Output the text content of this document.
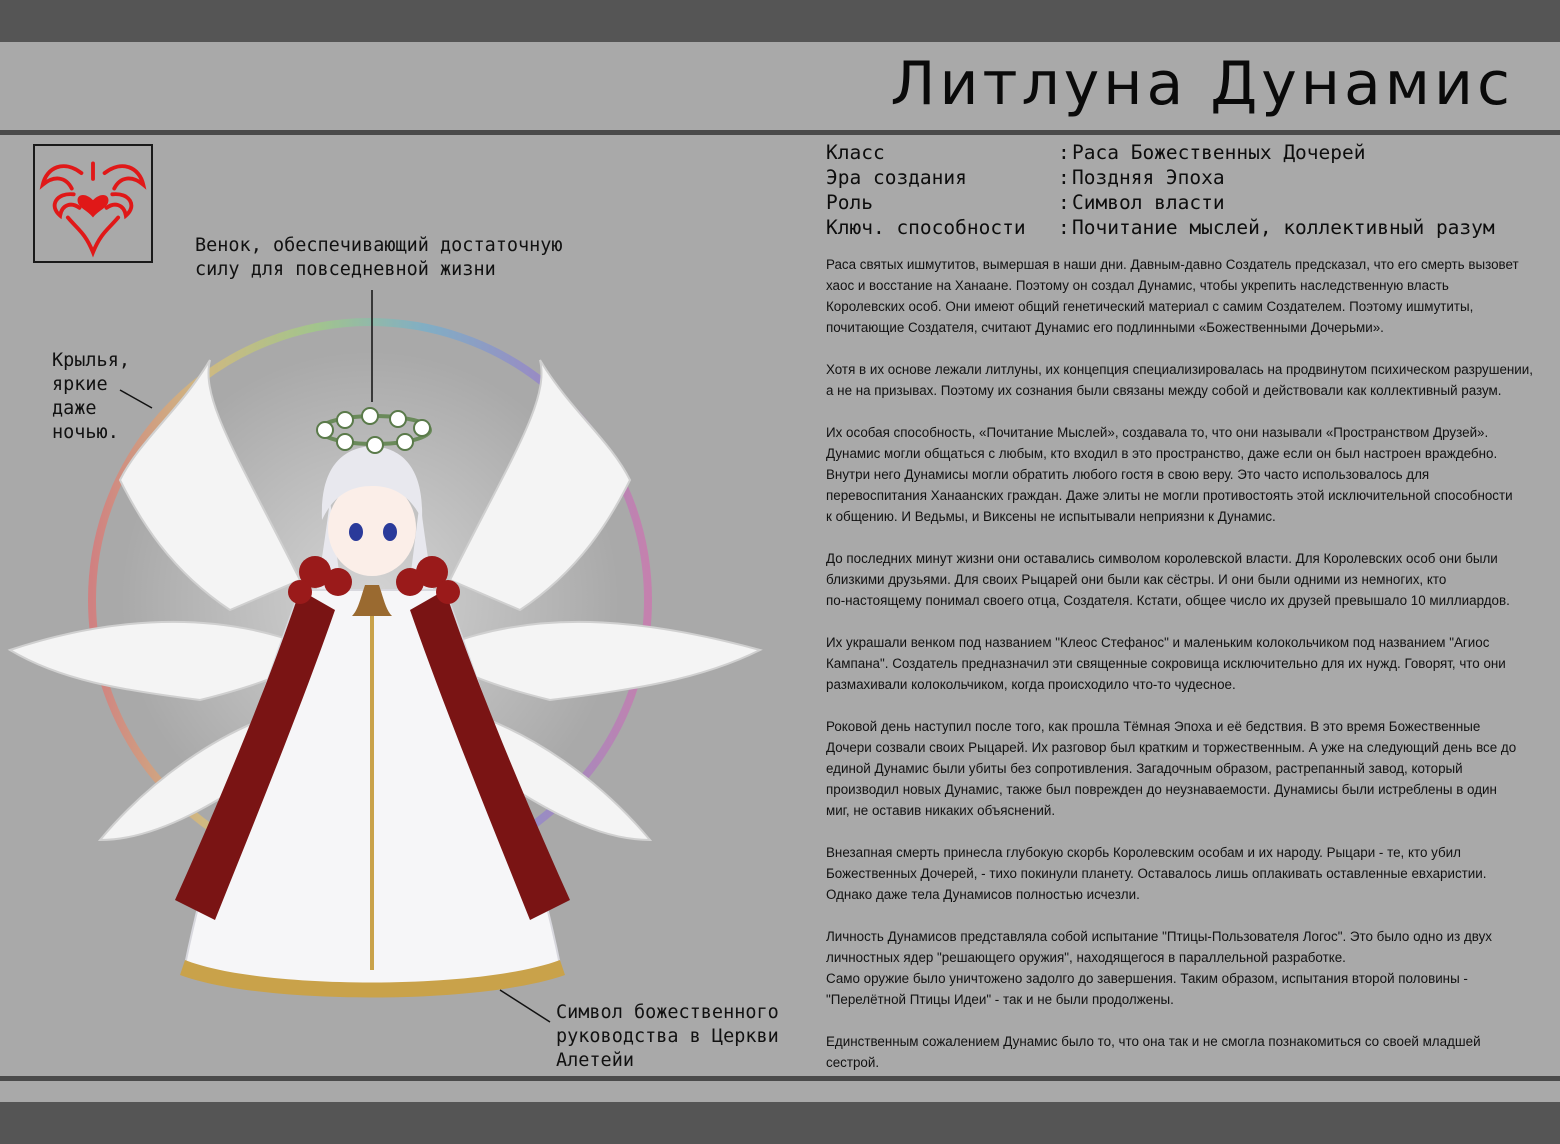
Литлуна Дунамис
Венок, обеспечивающий достаточную
силу для повседневной жизни
Крылья,
яркие
даже
ночью.
Символ божественного
руководства в Церкви
Алетейи
Класс	: Раса Божественных Дочерей
Эра создания	: Поздняя Эпоха
Роль	: Символ власти
Ключ. способности	: Почитание мыслей, коллективный разум

Раса святых ишмутитов, вымершая в наши дни. Давным-давно Создатель предсказал, что его смерть вызовет
хаос и восстание на Ханаане. Поэтому он создал Дунамис, чтобы укрепить наследственную власть
Королевских особ. Они имеют общий генетический материал с самим Создателем. Поэтому ишмутиты,
почитающие Создателя, считают Дунамис его подлинными «Божественными Дочерьми».

Хотя в их основе лежали литлуны, их концепция специализировалась на продвинутом психическом разрушении,
а не на призывах. Поэтому их сознания были связаны между собой и действовали как коллективный разум.

Их особая способность, «Почитание Мыслей», создавала то, что они называли «Пространством Друзей».
Дунамис могли общаться с любым, кто входил в это пространство, даже если он был настроен враждебно.
Внутри него Дунамисы могли обратить любого гостя в свою веру. Это часто использовалось для
перевоспитания Ханаанских граждан. Даже элиты не могли противостоять этой исключительной способности
к общению. И Ведьмы, и Виксены не испытывали неприязни к Дунамис.

До последних минут жизни они оставались символом королевской власти. Для Королевских особ они были
близкими друзьями. Для своих Рыцарей они были как сёстры. И они были одними из немногих, кто
по-настоящему понимал своего отца, Создателя. Кстати, общее число их друзей превышало 10 миллиардов.

Их украшали венком под названием "Клеос Стефанос" и маленьким колокольчиком под названием "Агиос
Кампана". Создатель предназначил эти священные сокровища исключительно для их нужд. Говорят, что они
размахивали колокольчиком, когда происходило что-то чудесное.

Роковой день наступил после того, как прошла Тёмная Эпоха и её бедствия. В это время Божественные
Дочери созвали своих Рыцарей. Их разговор был кратким и торжественным. А уже на следующий день все до
единой Дунамис были убиты без сопротивления. Загадочным образом, растрепанный завод, который
производил новых Дунамис, также был поврежден до неузнаваемости. Дунамисы были истреблены в один
миг, не оставив никаких объяснений.

Внезапная смерть принесла глубокую скорбь Королевским особам и их народу. Рыцари - те, кто убил
Божественных Дочерей, - тихо покинули планету. Оставалось лишь оплакивать оставленные евхаристии.
Однако даже тела Дунамисов полностью исчезли.

Личность Дунамисов представляла собой испытание "Птицы-Пользователя Логос". Это было одно из двух
личностных ядер "решающего оружия", находящегося в параллельной разработке.
Само оружие было уничтожено задолго до завершения. Таким образом, испытания второй половины -
"Перелётной Птицы Идеи" - так и не были продолжены.

Единственным сожалением Дунамис было то, что она так и не смогла познакомиться со своей младшей
сестрой.
